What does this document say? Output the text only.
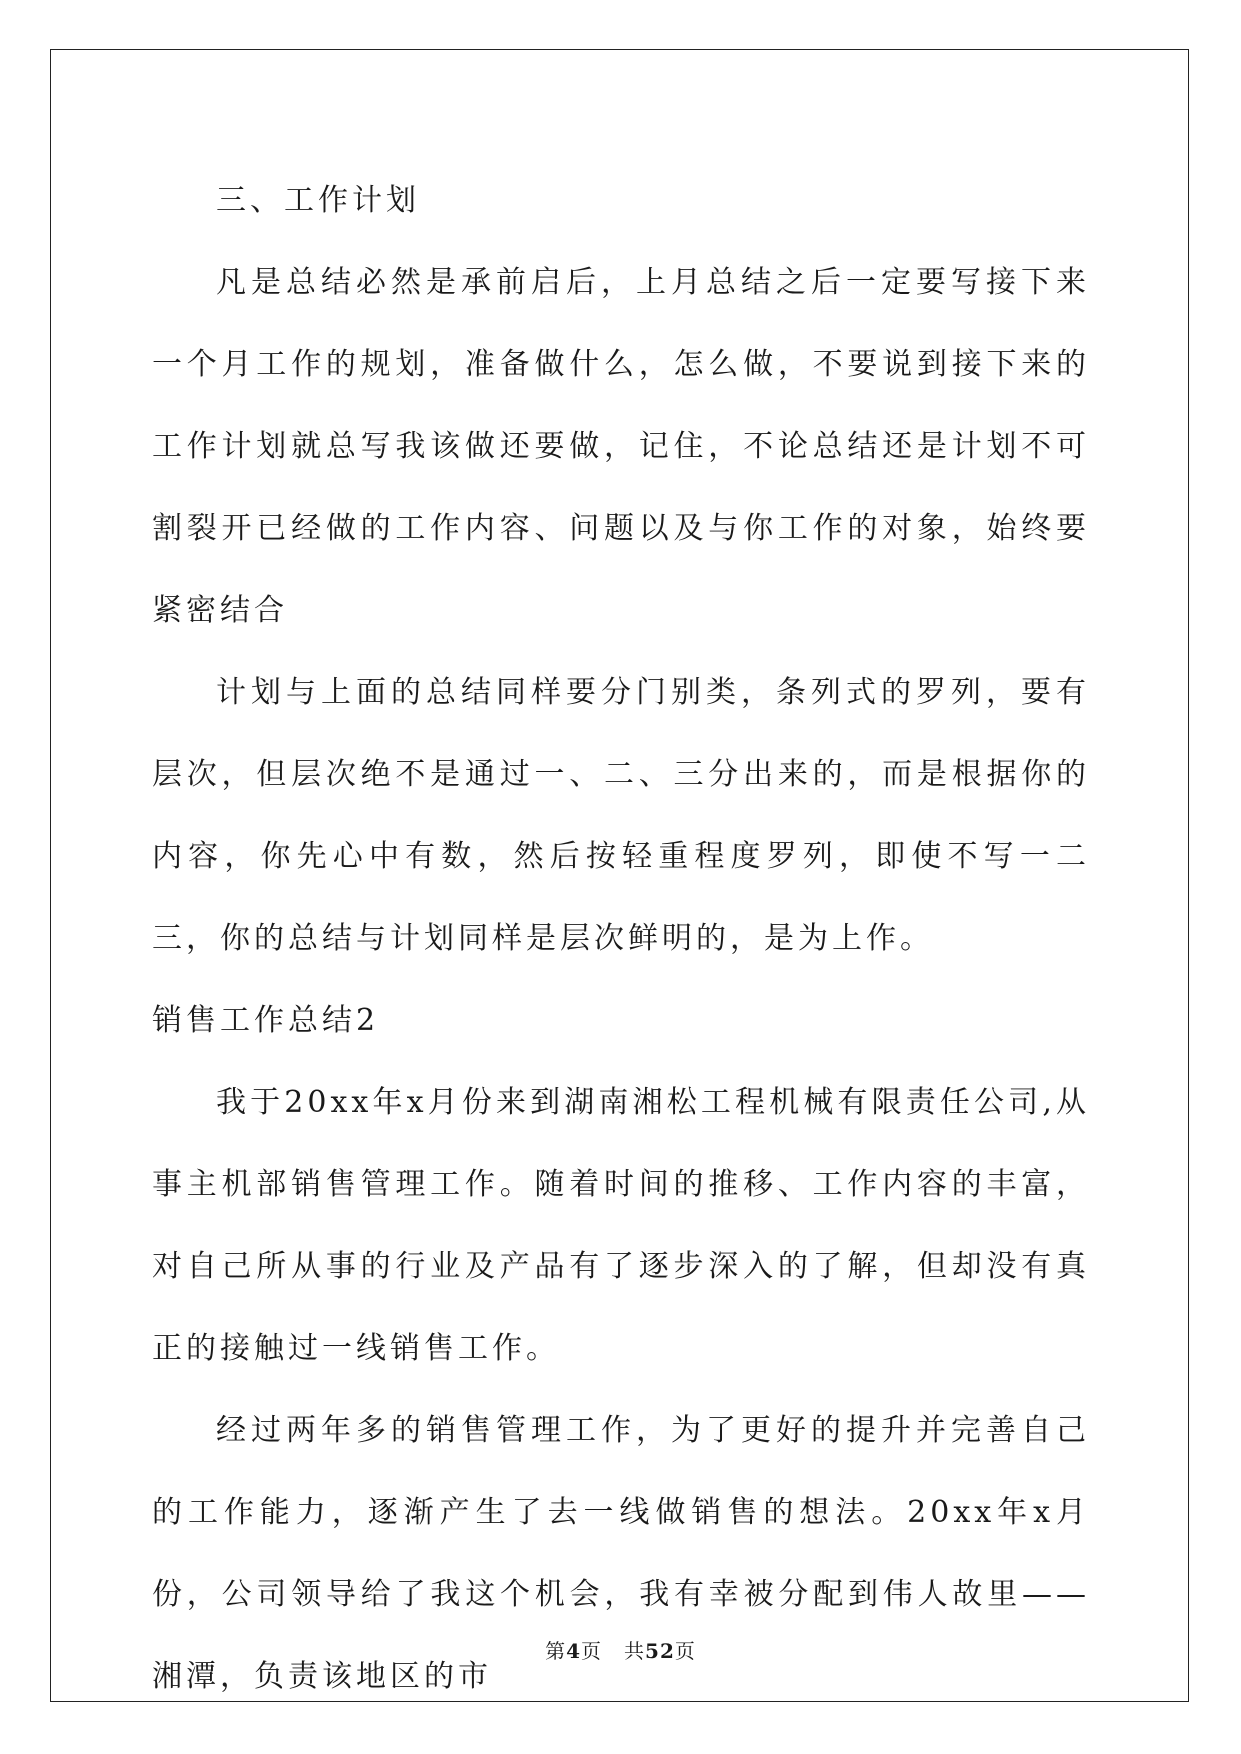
三、工作计划

凡是总结必然是承前启后，上月总结之后一定要写接下来一个月工作的规划，准备做什么，怎么做，不要说到接下来的工作计划就总写我该做还要做，记住，不论总结还是计划不可割裂开已经做的工作内容、问题以及与你工作的对象，始终要紧密结合

计划与上面的总结同样要分门别类，条列式的罗列，要有层次，但层次绝不是通过一、二、三分出来的，而是根据你的内容，你先心中有数，然后按轻重程度罗列，即使不写一二三，你的总结与计划同样是层次鲜明的，是为上作。

销售工作总结2

我于20xx年x月份来到湖南湘松工程机械有限责任公司,从事主机部销售管理工作。随着时间的推移、工作内容的丰富，对自己所从事的行业及产品有了逐步深入的了解，但却没有真正的接触过一线销售工作。

经过两年多的销售管理工作，为了更好的提升并完善自己的工作能力，逐渐产生了去一线做销售的想法。20xx年x月份，公司领导给了我这个机会，我有幸被分配到伟人故里——湘潭，负责该地区的市

第4页 共52页
